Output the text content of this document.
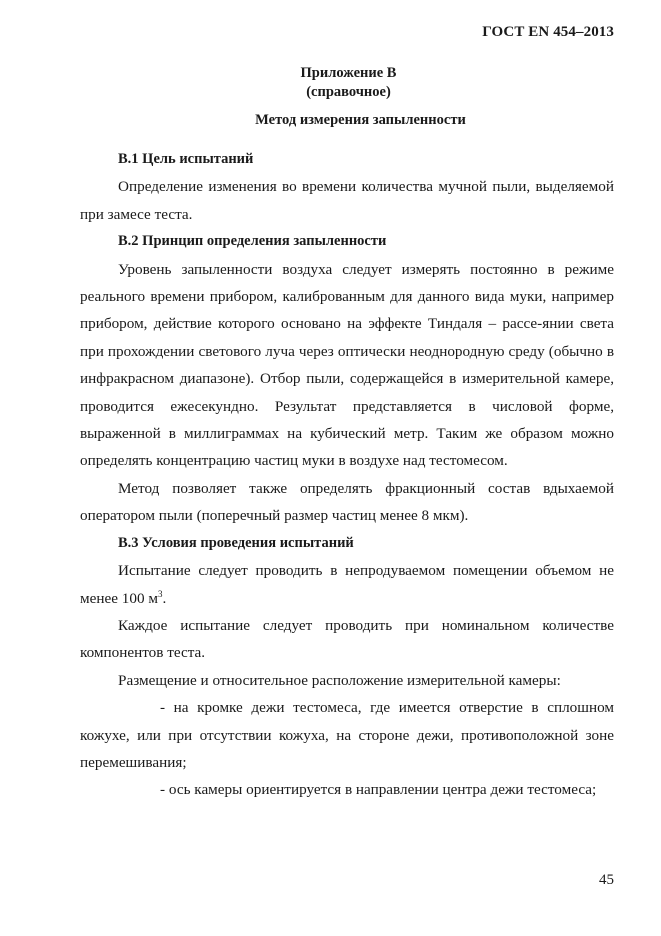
ГОСТ EN 454–2013
Приложение В
(справочное)
Метод измерения запыленности

В.1 Цель испытаний

Определение изменения во времени количества мучной пыли, выделяемой при замесе теста.

В.2 Принцип определения запыленности

Уровень запыленности воздуха следует измерять постоянно в режиме реального времени прибором, калиброванным для данного вида муки, например прибором, действие которого основано на эффекте Тиндаля – рассе-янии света при прохождении светового луча через оптически неоднородную среду (обычно в инфракрасном диапазоне). Отбор пыли, содержащейся в измерительной камере, проводится ежесекундно. Результат представляется в числовой форме, выраженной в миллиграммах на кубический метр. Таким же образом можно определять концентрацию частиц муки в воздухе над тестомесом.

Метод позволяет также определять фракционный состав вдыхаемой оператором пыли (поперечный размер частиц менее 8 мкм).

В.3 Условия проведения испытаний

Испытание следует проводить в непродуваемом помещении объемом не менее 100 $м^3$.

Каждое испытание следует проводить при номинальном количестве компонентов теста.

Размещение и относительное расположение измерительной камеры:

- на кромке дежи тестомеса, где имеется отверстие в сплошном кожухе, или при отсутствии кожуха, на стороне дежи, противоположной зоне перемешивания;

- ось камеры ориентируется в направлении центра дежи тестомеса;

45
